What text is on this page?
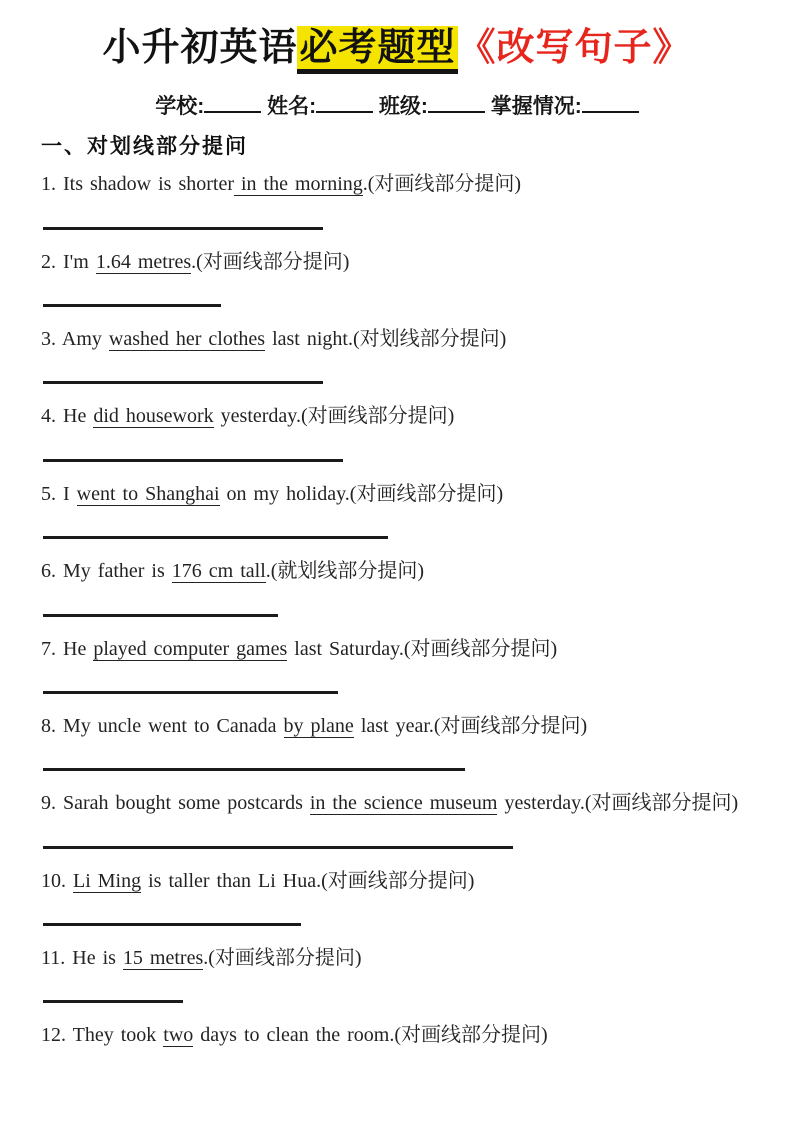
小升初英语必考题型《改写句子》
学校:	姓名:	班级:	掌握情况:
一、对划线部分提问

1. Its shadow is shorter in the morning.(对画线部分提问)

2. I'm 1.64 metres.(对画线部分提问)

3. Amy washed her clothes last night.(对划线部分提问)

4. He did housework yesterday.(对画线部分提问)

5. I went to Shanghai on my holiday.(对画线部分提问)

6. My father is 176 cm tall.(就划线部分提问)

7. He played computer games last Saturday.(对画线部分提问)

8. My uncle went to Canada by plane last year.(对画线部分提问)

9. Sarah bought some postcards in the science museum yesterday.(对画线部分提问)

10. Li Ming is taller than Li Hua.(对画线部分提问)

11. He is 15 metres.(对画线部分提问)

12. They took two days to clean the room.(对画线部分提问)
